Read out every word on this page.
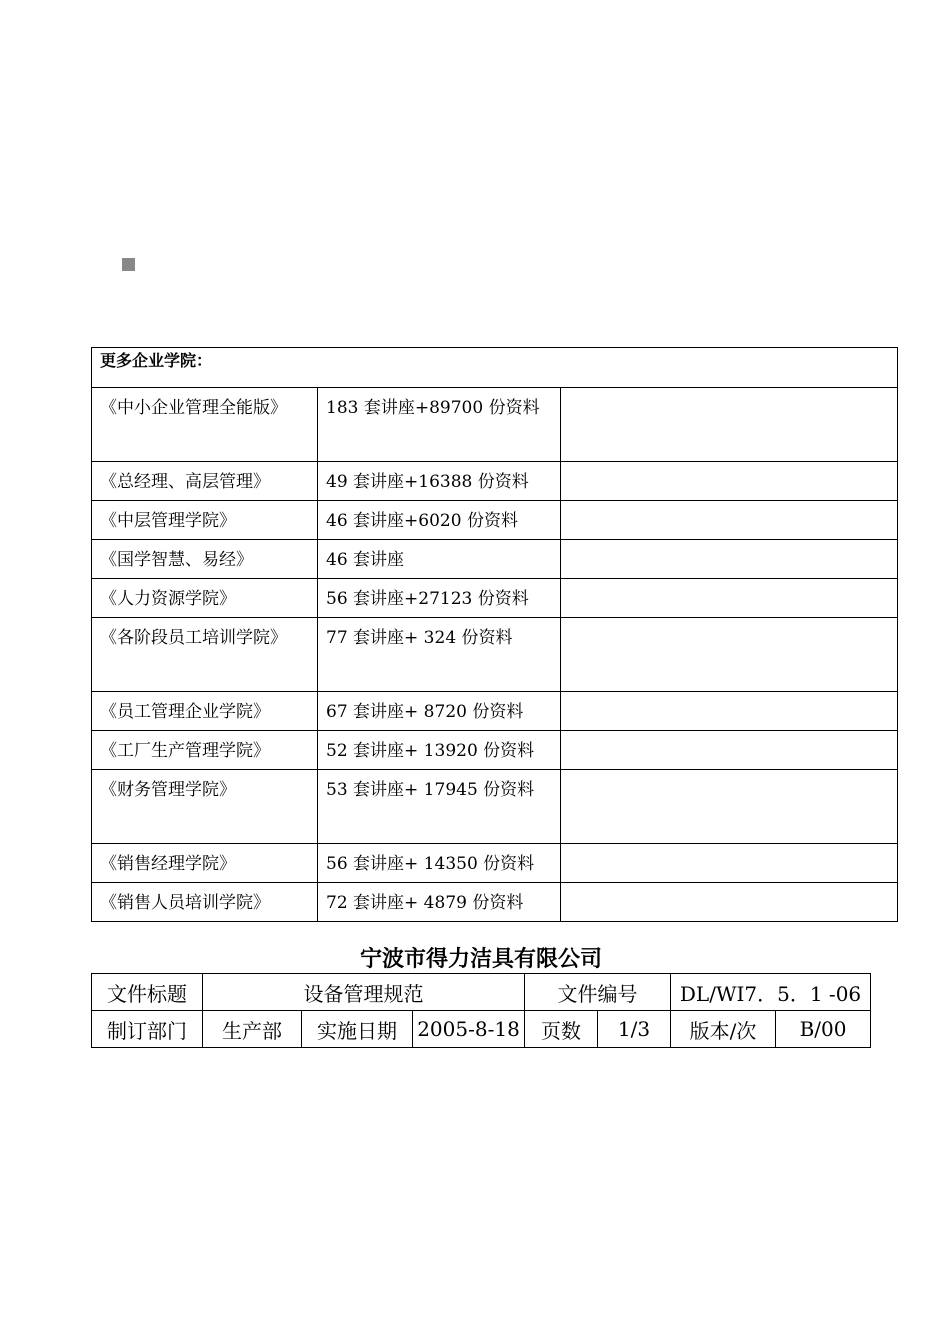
更多企业学院：		
《中小企业管理全能版》	183 套讲座+89700 份资料	
《总经理、高层管理》	49 套讲座+16388 份资料	
《中层管理学院》	46 套讲座+6020 份资料	
《国学智慧、易经》	46 套讲座	
《人力资源学院》	56 套讲座+27123 份资料	
《各阶段员工培训学院》	77 套讲座+ 324 份资料	
《员工管理企业学院》	67 套讲座+ 8720 份资料	
《工厂生产管理学院》	52 套讲座+ 13920 份资料	
《财务管理学院》	53 套讲座+ 17945 份资料	
《销售经理学院》	56 套讲座+ 14350 份资料	
《销售人员培训学院》	72 套讲座+ 4879 份资料	
宁波市得力洁具有限公司
文件标题	设备管理规范			文件编号		DL/WI7．5．1 -06	
制订部门	生产部	实施日期	2005-8-18	页数	1/3	版本/次	B/00
